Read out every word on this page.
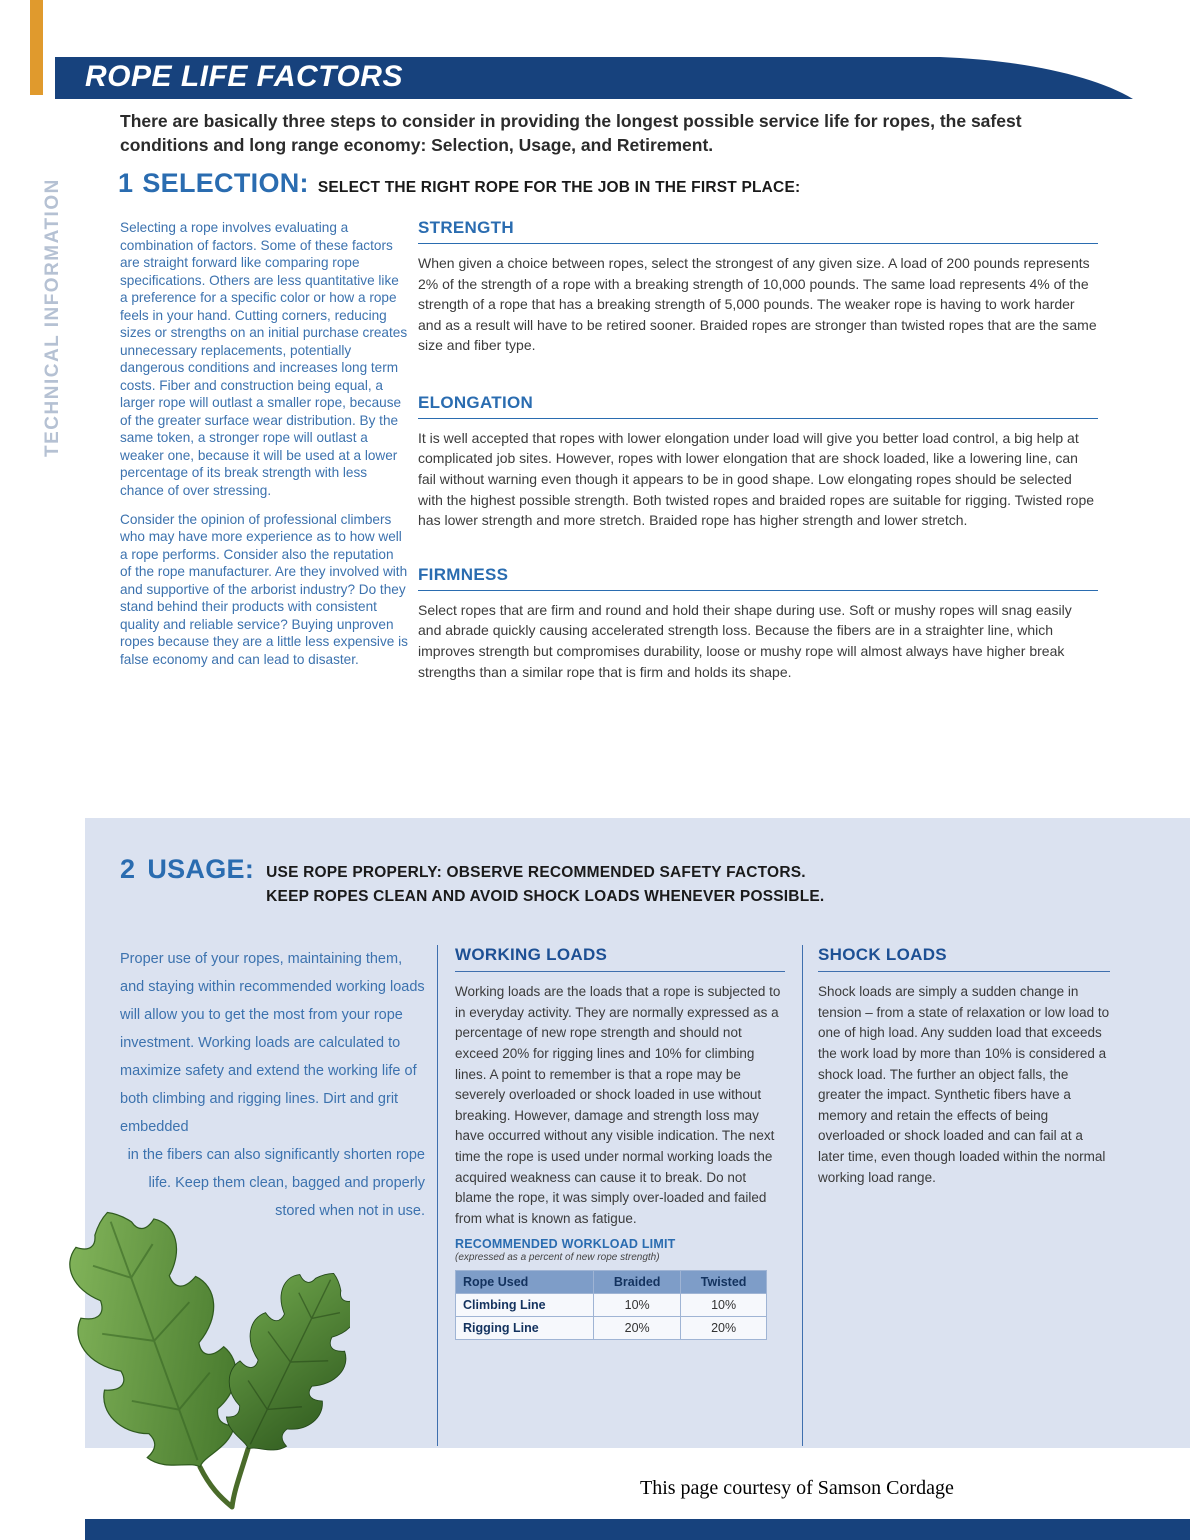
ROPE LIFE FACTORS
TECHNICAL INFORMATION
There are basically three steps to consider in providing the longest possible service life for ropes, the safest conditions and long range economy: Selection, Usage, and Retirement.
1 SELECTION: SELECT THE RIGHT ROPE FOR THE JOB IN THE FIRST PLACE:

Selecting a rope involves evaluating a combination of factors. Some of these factors are straight forward like comparing rope specifications. Others are less quantitative like a preference for a specific color or how a rope feels in your hand. Cutting corners, reducing sizes or strengths on an initial purchase creates unnecessary replacements, potentially dangerous conditions and increases long term costs. Fiber and construction being equal, a larger rope will outlast a smaller rope, because of the greater surface wear distribution. By the same token, a stronger rope will outlast a weaker one, because it will be used at a lower percentage of its break strength with less chance of over stressing.

Consider the opinion of professional climbers who may have more experience as to how well a rope performs. Consider also the reputation of the rope manufacturer. Are they involved with and supportive of the arborist industry? Do they stand behind their products with consistent quality and reliable service? Buying unproven ropes because they are a little less expensive is false economy and can lead to disaster.

STRENGTH

When given a choice between ropes, select the strongest of any given size. A load of 200 pounds represents 2% of the strength of a rope with a breaking strength of 10,000 pounds. The same load represents 4% of the strength of a rope that has a breaking strength of 5,000 pounds. The weaker rope is having to work harder and as a result will have to be retired sooner. Braided ropes are stronger than twisted ropes that are the same size and fiber type.

ELONGATION

It is well accepted that ropes with lower elongation under load will give you better load control, a big help at complicated job sites. However, ropes with lower elongation that are shock loaded, like a lowering line, can fail without warning even though it appears to be in good shape. Low elongating ropes should be selected with the highest possible strength. Both twisted ropes and braided ropes are suitable for rigging. Twisted rope has lower strength and more stretch. Braided rope has higher strength and lower stretch.

FIRMNESS

Select ropes that are firm and round and hold their shape during use. Soft or mushy ropes will snag easily and abrade quickly causing accelerated strength loss. Because the fibers are in a straighter line, which improves strength but compromises durability, loose or mushy rope will almost always have higher break strengths than a similar rope that is firm and holds its shape.

2 USAGE: USE ROPE PROPERLY: OBSERVE RECOMMENDED SAFETY FACTORS.
KEEP ROPES CLEAN AND AVOID SHOCK LOADS WHENEVER POSSIBLE.

Proper use of your ropes, maintaining them, and staying within recommended working loads will allow you to get the most from your rope investment. Working loads are calculated to maximize safety and extend the working life of both climbing and rigging lines. Dirt and grit embedded

in the fibers can also significantly shorten rope life. Keep them clean, bagged and properly stored when not in use.

WORKING LOADS

Working loads are the loads that a rope is subjected to in everyday activity. They are normally expressed as a percentage of new rope strength and should not exceed 20% for rigging lines and 10% for climbing lines. A point to remember is that a rope may be severely overloaded or shock loaded in use without breaking. However, damage and strength loss may have occurred without any visible indication. The next time the rope is used under normal working loads the acquired weakness can cause it to break. Do not blame the rope, it was simply over-loaded and failed from what is known as fatigue.

RECOMMENDED WORKLOAD LIMIT
(expressed as a percent of new rope strength)
Rope Used	Braided	Twisted
Climbing Line	10%	10%
Rigging Line	20%	20%
SHOCK LOADS

Shock loads are simply a sudden change in tension – from a state of relaxation or low load to one of high load. Any sudden load that exceeds the work load by more than 10% is considered a shock load. The further an object falls, the greater the impact. Synthetic fibers have a memory and retain the effects of being overloaded or shock loaded and can fail at a later time, even though loaded within the normal working load range.

This page courtesy of Samson Cordage
